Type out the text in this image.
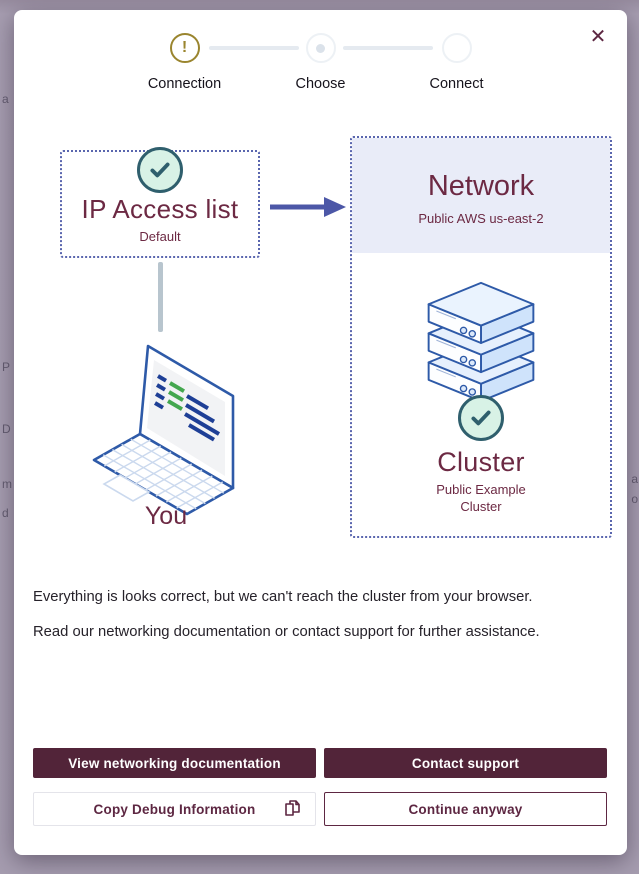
a
P
D
m
d
a
o
✕
!
Connection	Choose	Connect
IP Access list
Default
You
Network
Public AWS us-east-2
Cluster
Public Example Cluster

Everything is looks correct, but we can't reach the cluster from your browser.

Read our networking documentation or contact support for further assistance.

View networking documentation	Contact support
Copy Debug Information	Continue anyway
